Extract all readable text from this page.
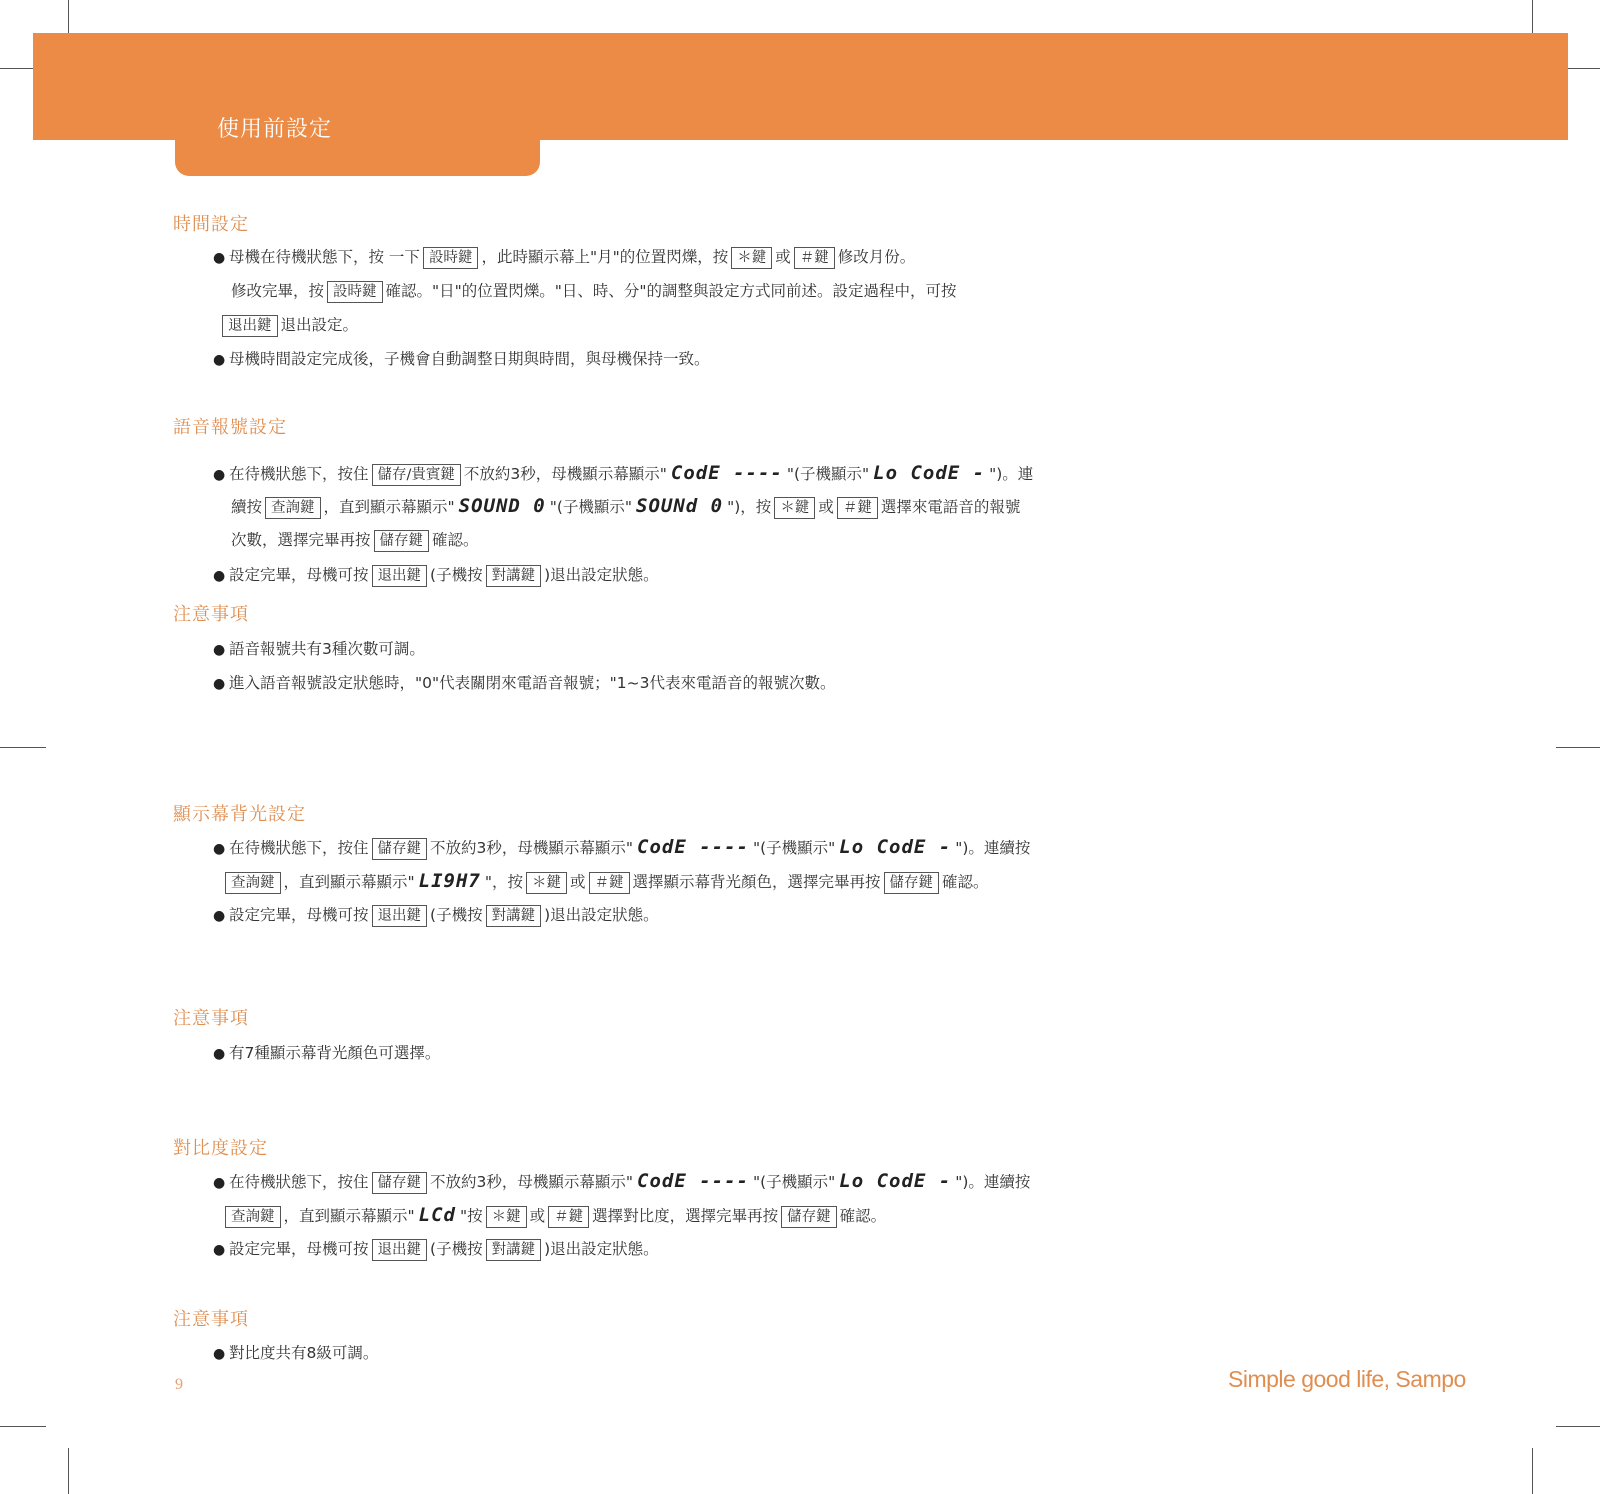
使用前設定
時間設定
● 母機在待機狀態下，按 一下 設時鍵 ，此時顯示幕上"月"的位置閃爍，按 ＊鍵 或 ＃鍵 修改月份。
修改完畢，按 設時鍵 確認。"日"的位置閃爍。"日、時、分"的調整與設定方式同前述。設定過程中，可按
退出鍵 退出設定。
● 母機時間設定完成後，子機會自動調整日期與時間，與母機保持一致。
語音報號設定
● 在待機狀態下，按住 儲存/貴賓鍵 不放約3秒，母機顯示幕顯示" CodE ---- "(子機顯示" Lo CodE - ")。連
續按 查詢鍵 ，直到顯示幕顯示" SOUND 0 "(子機顯示" SOUNd 0 ")，按 ＊鍵 或 ＃鍵 選擇來電語音的報號
次數，選擇完畢再按 儲存鍵 確認。
● 設定完畢，母機可按 退出鍵 (子機按 對講鍵 )退出設定狀態。
注意事項
● 語音報號共有3種次數可調。
● 進入語音報號設定狀態時，"0"代表關閉來電語音報號；"1~3代表來電語音的報號次數。
顯示幕背光設定
● 在待機狀態下，按住 儲存鍵 不放約3秒，母機顯示幕顯示" CodE ---- "(子機顯示" Lo CodE - ")。連續按
查詢鍵 ，直到顯示幕顯示" LI9H7 "，按 ＊鍵 或 ＃鍵 選擇顯示幕背光顏色，選擇完畢再按 儲存鍵 確認。
● 設定完畢，母機可按 退出鍵 (子機按 對講鍵 )退出設定狀態。
注意事項
● 有7種顯示幕背光顏色可選擇。
對比度設定
● 在待機狀態下，按住 儲存鍵 不放約3秒，母機顯示幕顯示" CodE ---- "(子機顯示" Lo CodE - ")。連續按
查詢鍵 ，直到顯示幕顯示" LCd "按 ＊鍵 或 ＃鍵 選擇對比度，選擇完畢再按 儲存鍵 確認。
● 設定完畢，母機可按 退出鍵 (子機按 對講鍵 )退出設定狀態。
注意事項
● 對比度共有8級可調。
9	Simple good life, Sampo
